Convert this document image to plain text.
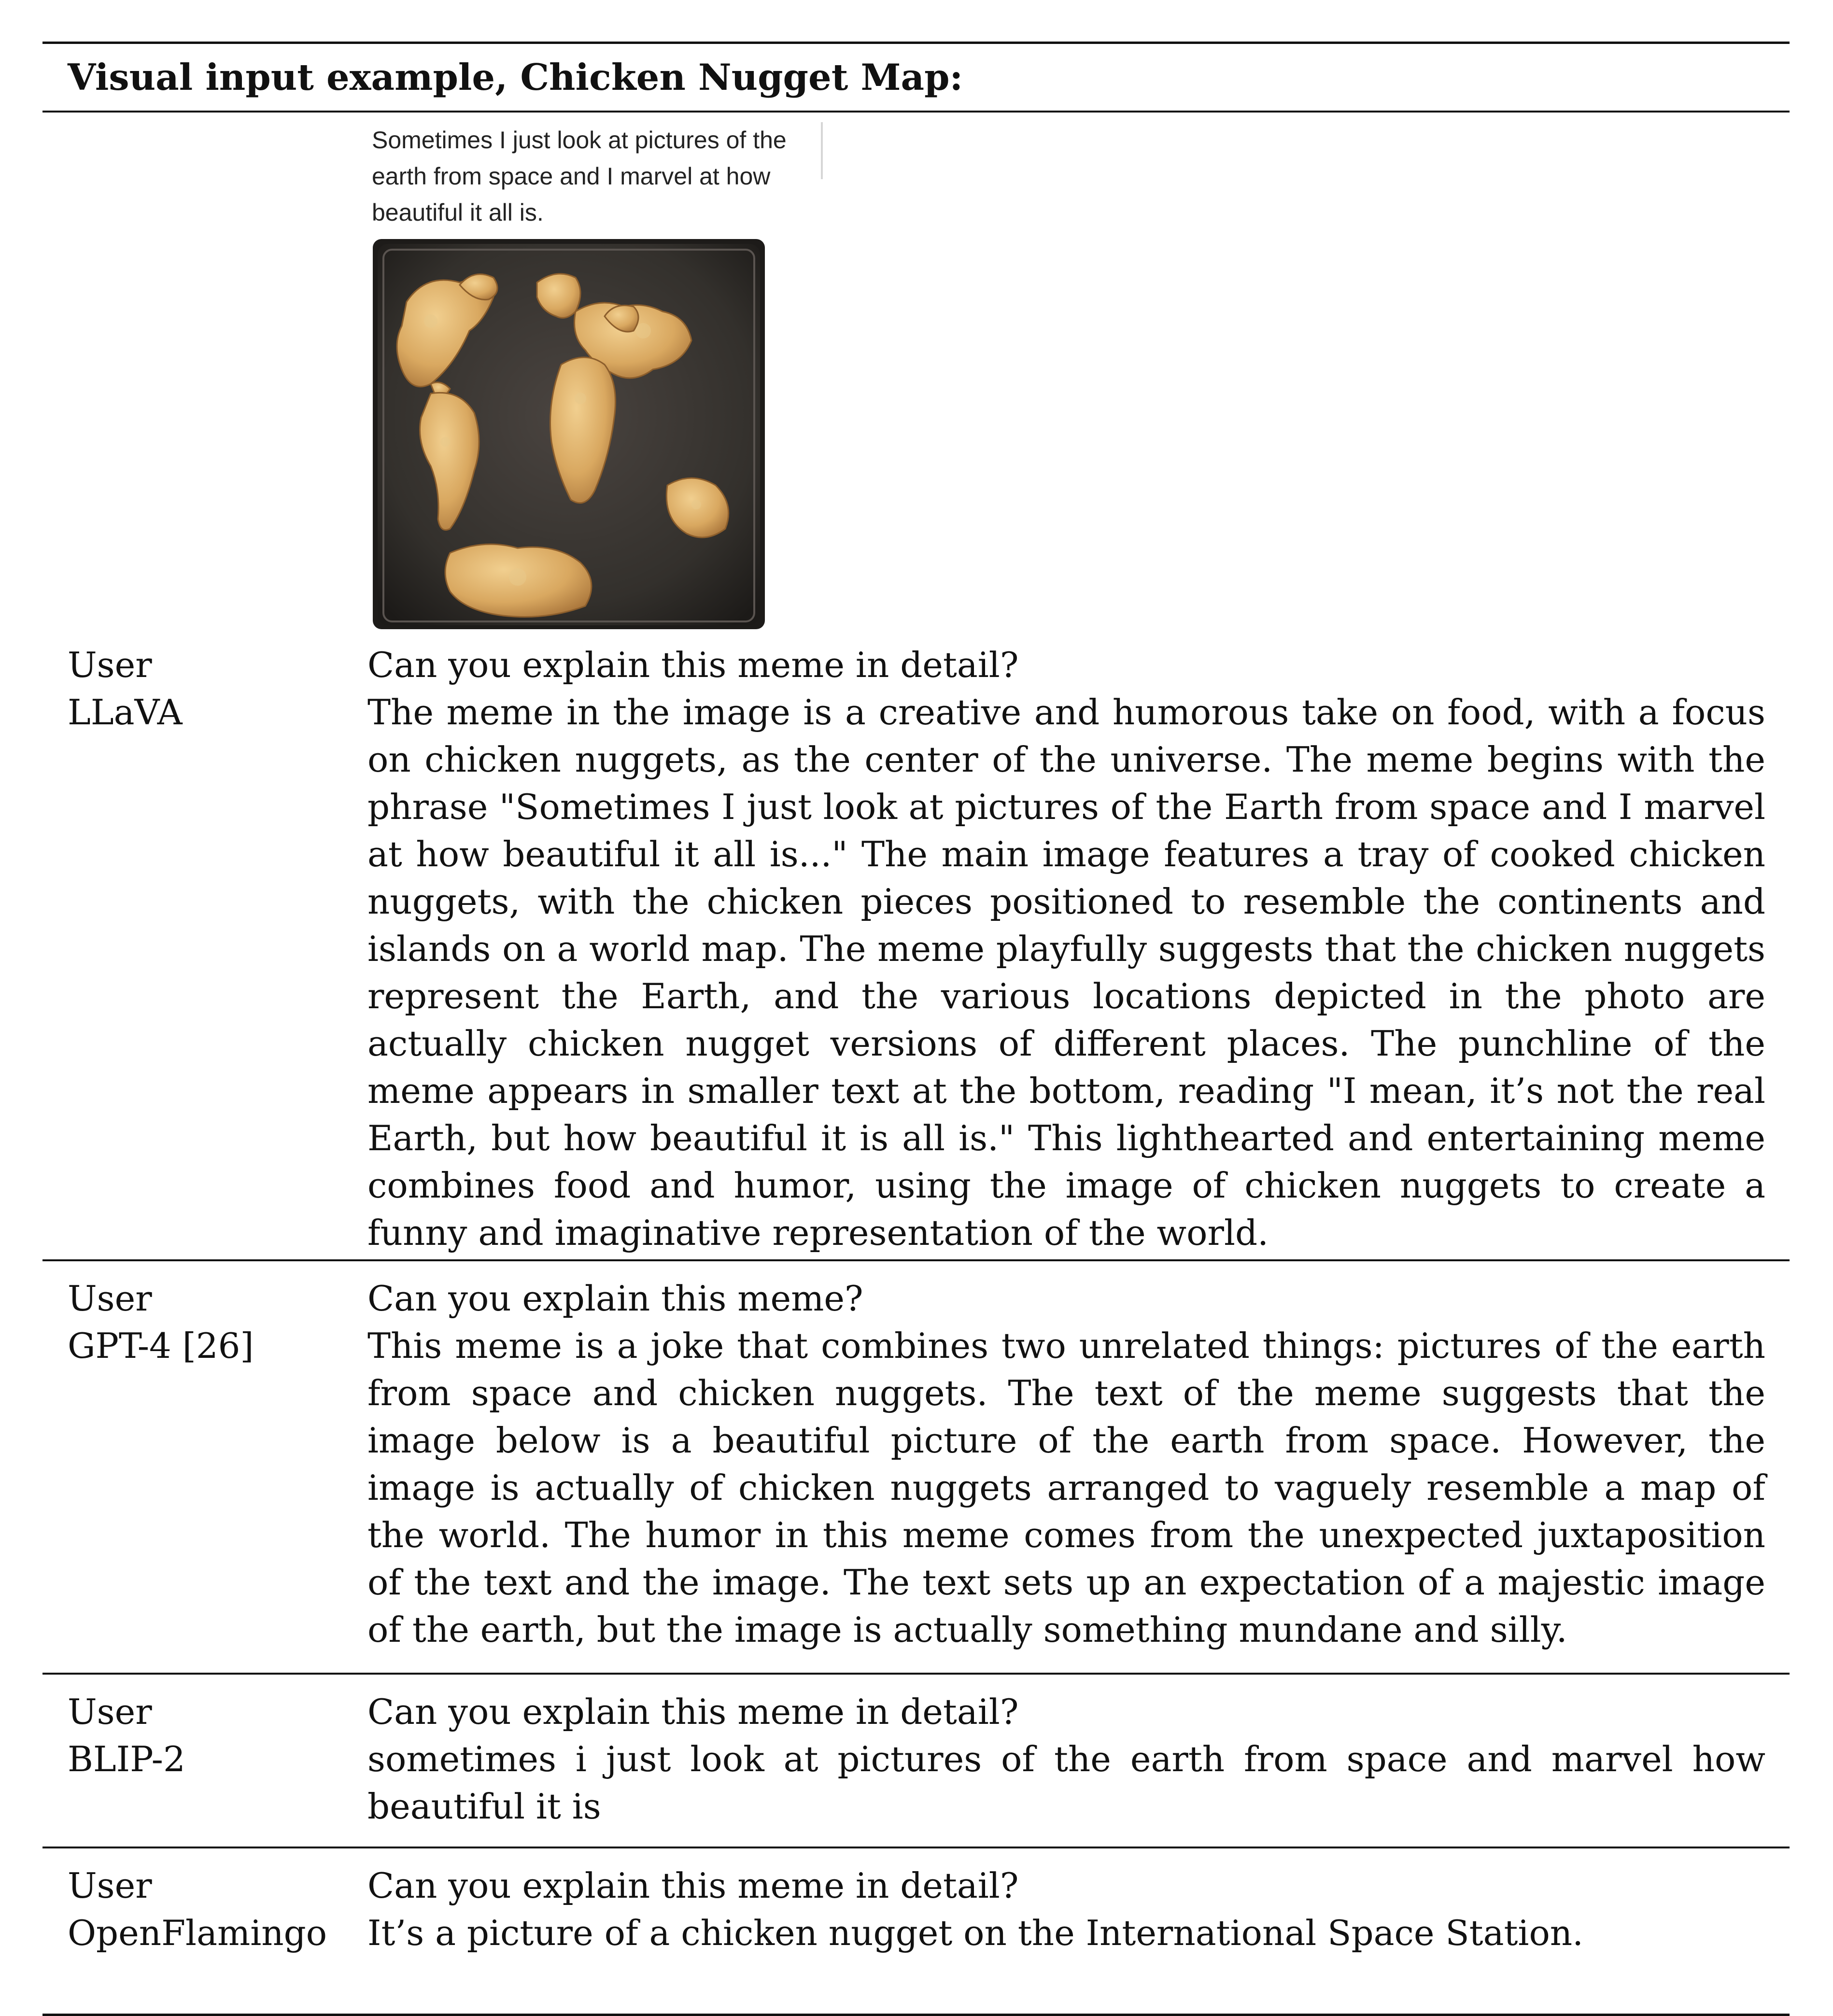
Visual input example, Chicken Nugget Map:
Sometimes I just look at pictures of the earth from space and I marvel at how beautiful it all is.
User
LLaVA
Can you explain this meme in detail?
The meme in the image is a creative and humorous take on food, with a focus on chicken nuggets, as the center of the universe. The meme begins with the phrase "Sometimes I just look at pictures of the Earth from space and I marvel at how beautiful it all is..." The main image features a tray of cooked chicken nuggets, with the chicken pieces positioned to resemble the continents and islands on a world map. The meme playfully suggests that the chicken nuggets represent the Earth, and the various locations depicted in the photo are actually chicken nugget versions of different places. The punchline of the meme appears in smaller text at the bottom, reading "I mean, it’s not the real Earth, but how beautiful it is all is." This lighthearted and entertaining meme combines food and humor, using the image of chicken nuggets to create a funny and imaginative representation of the world.
User
GPT-4 [26]
Can you explain this meme?
This meme is a joke that combines two unrelated things: pictures of the earth from space and chicken nuggets. The text of the meme suggests that the image below is a beautiful picture of the earth from space. However, the image is actually of chicken nuggets arranged to vaguely resemble a map of the world. The humor in this meme comes from the unexpected juxtaposition of the text and the image. The text sets up an expectation of a majestic image of the earth, but the image is actually something mundane and silly.
User
BLIP-2
Can you explain this meme in detail?
sometimes i just look at pictures of the earth from space and marvel how beautiful it is
User
OpenFlamingo
Can you explain this meme in detail?
It’s a picture of a chicken nugget on the International Space Station.
